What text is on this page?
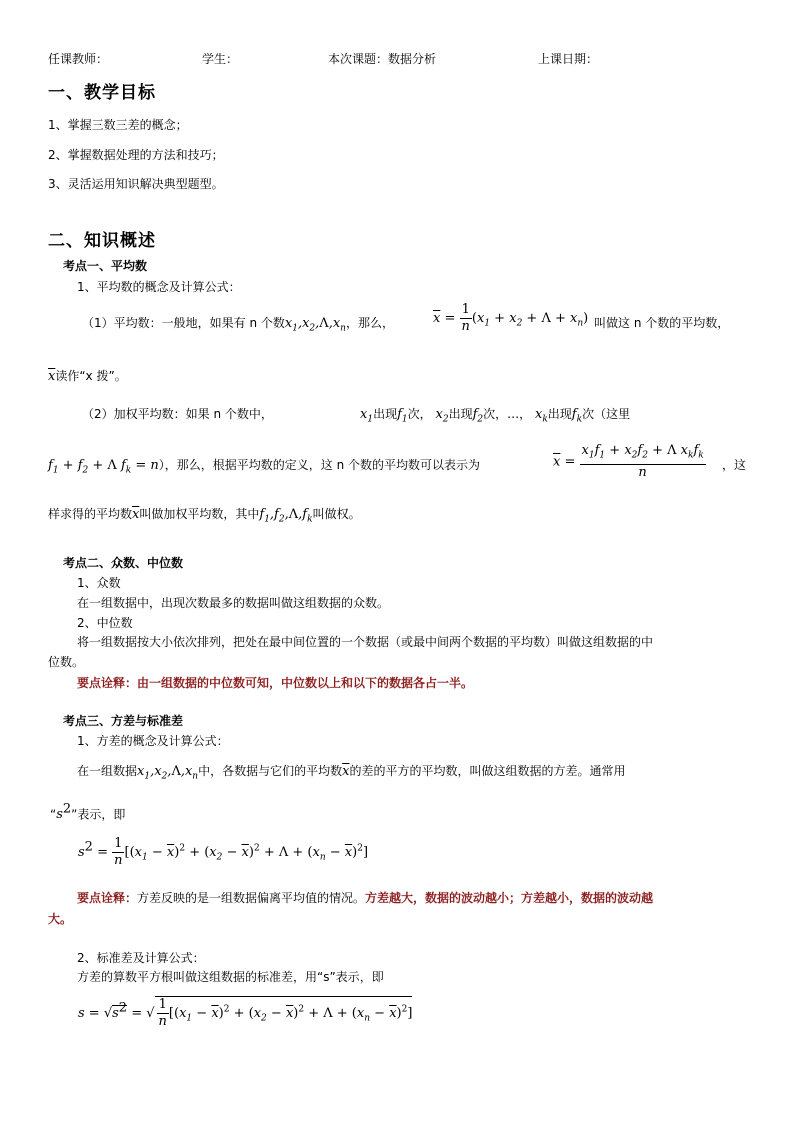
任课教师：	学生：	本次课题：数据分析	上课日期：
一、教学目标
1、掌握三数三差的概念；
2、掌握数据处理的方法和技巧；
3、灵活运用知识解决典型题型。
二、知识概述
考点一、平均数
1、平均数的概念及计算公式：
（1）平均数：一般地，如果有 n 个数$x_1,x_2,\Lambda,x_n$，那么，	$\overline{x} = \frac{1}{n} (x_1 + x_2 + \Lambda + x_n)$ 叫做这 n 个数的平均数，
$\overline{x}$读作“x 拨”。
（2）加权平均数：如果 n 个数中，	$x_1$出现$f_1$次， $x_2$出现$f_2$次，…， $x_k$出现$f_k$次（这里
$f_1 + f_2 + \Lambda$ $f_k = n$），那么，根据平均数的定义，这 n 个数的平均数可以表示为	$\overline{x} = \frac{x_1f_1 + x_2f_2 + \Lambda x_kf_k}{n}$ ，这
样求得的平均数$\overline{x}$叫做加权平均数，其中$f_1,f_2,\Lambda,f_k$叫做权。
考点二、众数、中位数
1、众数
在一组数据中，出现次数最多的数据叫做这组数据的众数。
2、中位数
将一组数据按大小依次排列，把处在最中间位置的一个数据（或最中间两个数据的平均数）叫做这组数据的中
位数。
要点诠释：由一组数据的中位数可知，中位数以上和以下的数据各占一半。
考点三、方差与标准差
1、方差的概念及计算公式：
在一组数据$x_1,x_2,\Lambda,x_n$中，各数据与它们的平均数$\overline{x}$的差的平方的平均数，叫做这组数据的方差。通常用
“$s^2$”表示，即
$s^2 = \frac{1}{n} [(x_1 - \overline{x})^2 + (x_2 - \overline{x})^2 + \Lambda + (x_n - \overline{x})^2]$
要点诠释：方差反映的是一组数据偏离平均值的情况。方差越大，数据的波动越小；方差越小，数据的波动越
大。
2、标准差及计算公式：
方差的算数平方根叫做这组数据的标准差，用“s”表示，即
$s = √s^2$ = √ $\frac{1}{n} [(x_1 - \overline{x})^2 + (x_2 - \overline{x})^2 + \Lambda + (x_n - \overline{x})^2]$
